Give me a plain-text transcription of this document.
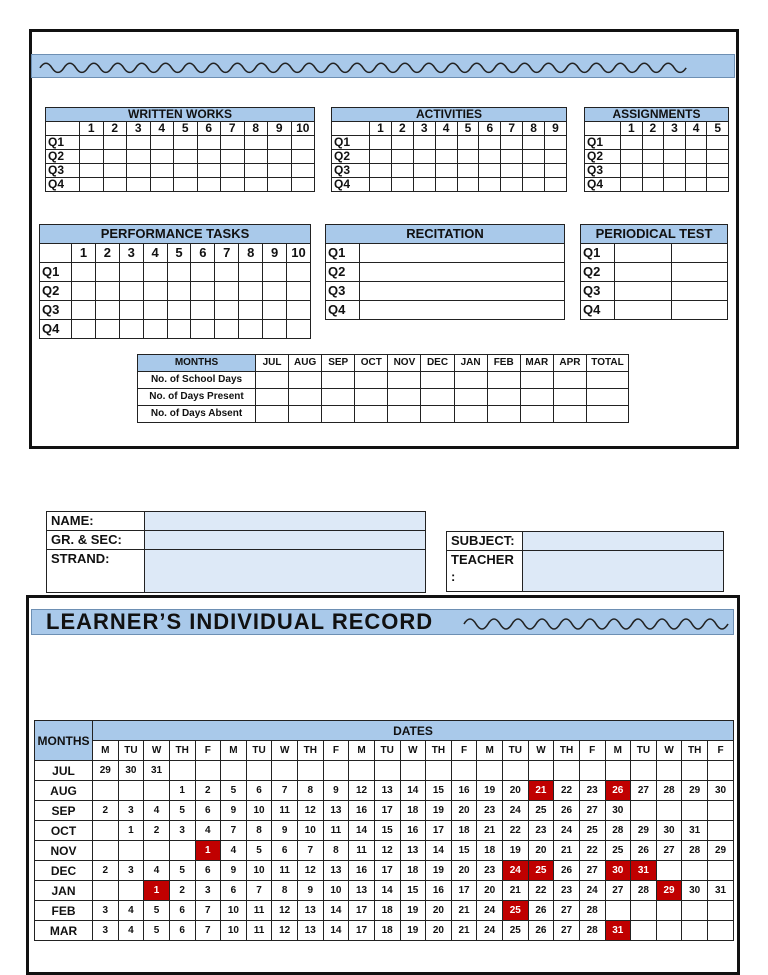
WRITTEN WORKS										
	1	2	3	4	5	6	7	8	9	10
Q1										
Q2										
Q3										
Q4										
ACTIVITIES									
	1	2	3	4	5	6	7	8	9
Q1									
Q2									
Q3									
Q4									
ASSIGNMENTS					
	1	2	3	4	5
Q1					
Q2					
Q3					
Q4					
PERFORMANCE TASKS										
	1	2	3	4	5	6	7	8	9	10
Q1										
Q2										
Q3										
Q4										
RECITATION	
Q1	
Q2	
Q3	
Q4	
PERIODICAL TEST		
Q1		
Q2		
Q3		
Q4		
MONTHS	JUL	AUG	SEP	OCT	NOV	DEC	JAN	FEB	MAR	APR	TOTAL
No. of School Days											
No. of Days Present											
No. of Days Absent											
NAME:	
GR. & SEC:	
STRAND:	
SUBJECT:	
TEACHER
:	
LEARNER’S INDIVIDUAL RECORD
MONTHS	DATES																								
	M	TU	W	TH	F	M	TU	W	TH	F	M	TU	W	TH	F	M	TU	W	TH	F	M	TU	W	TH	F
JUL	29	30	31																						
AUG				1	2	5	6	7	8	9	12	13	14	15	16	19	20	21	22	23	26	27	28	29	30
SEP	2	3	4	5	6	9	10	11	12	13	16	17	18	19	20	23	24	25	26	27	30				
OCT		1	2	3	4	7	8	9	10	11	14	15	16	17	18	21	22	23	24	25	28	29	30	31	
NOV					1	4	5	6	7	8	11	12	13	14	15	18	19	20	21	22	25	26	27	28	29
DEC	2	3	4	5	6	9	10	11	12	13	16	17	18	19	20	23	24	25	26	27	30	31			
JAN			1	2	3	6	7	8	9	10	13	14	15	16	17	20	21	22	23	24	27	28	29	30	31
FEB	3	4	5	6	7	10	11	12	13	14	17	18	19	20	21	24	25	26	27	28					
MAR	3	4	5	6	7	10	11	12	13	14	17	18	19	20	21	24	25	26	27	28	31				
